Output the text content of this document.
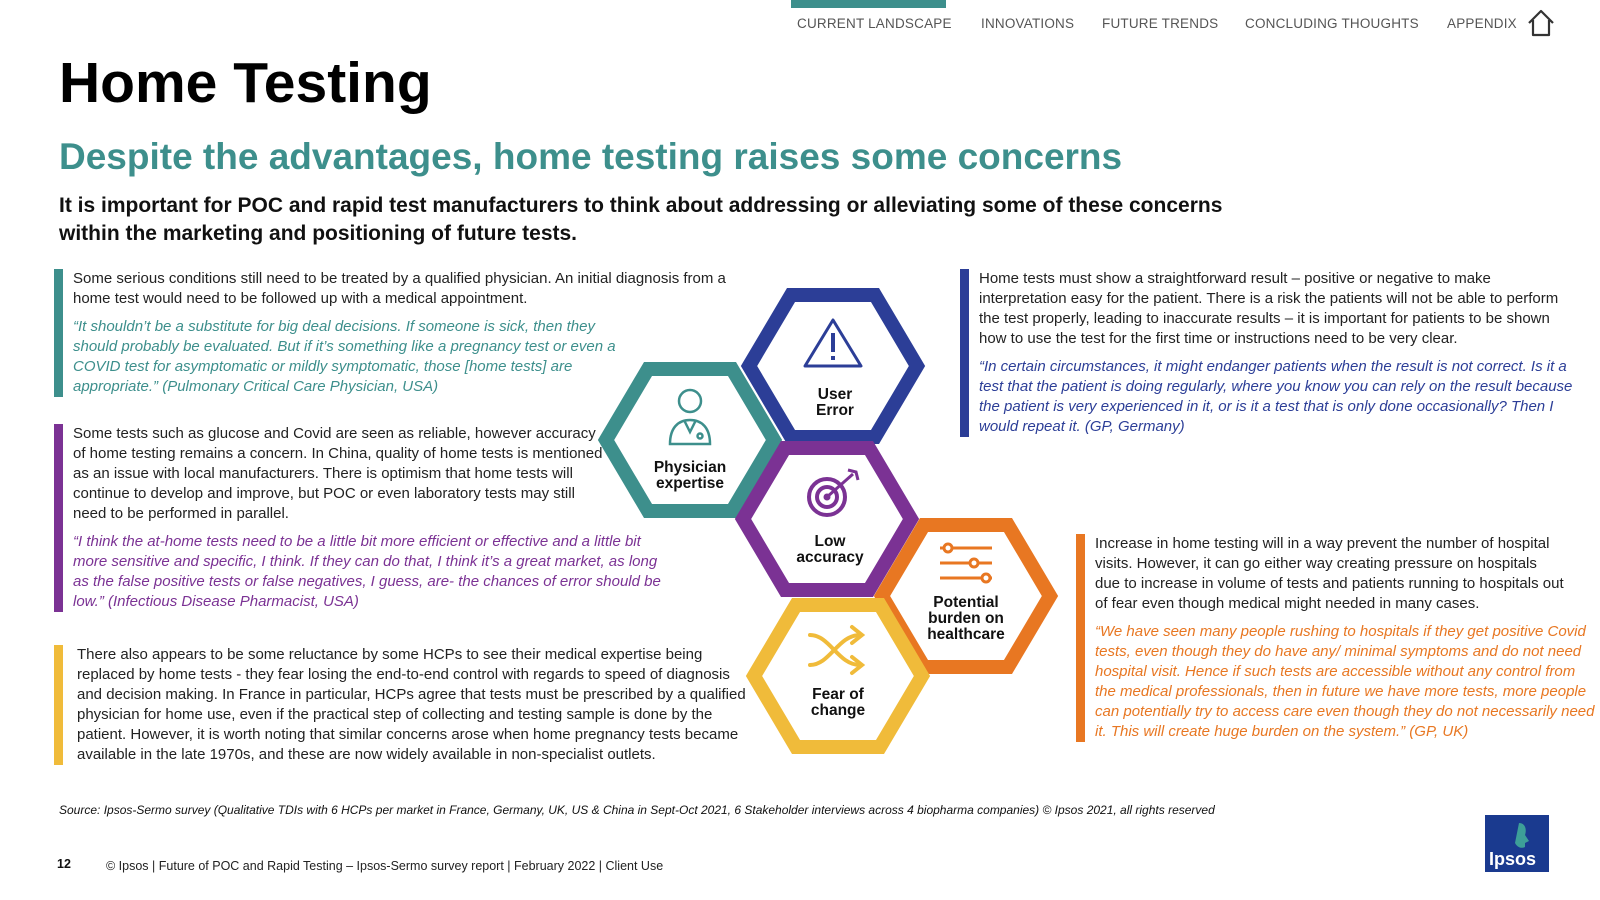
CURRENT LANDSCAPE INNOVATIONS FUTURE TRENDS CONCLUDING THOUGHTS APPENDIX
Home Testing
Despite the advantages, home testing raises some concerns

It is important for POC and rapid test manufacturers to think about addressing or alleviating some of these concerns within the marketing and positioning of future tests.

Some serious conditions still need to be treated by a qualified physician. An initial diagnosis from a home test would need to be followed up with a medical appointment.

“It shouldn’t be a substitute for big deal decisions. If someone is sick, then they should probably be evaluated. But if it’s something like a pregnancy test or even a COVID test for asymptomatic or mildly symptomatic, those [home tests] are appropriate.” (Pulmonary Critical Care Physician, USA)

Some tests such as glucose and Covid are seen as reliable, however accuracy of home testing remains a concern. In China, quality of home tests is mentioned as an issue with local manufacturers. There is optimism that home tests will continue to develop and improve, but POC or even laboratory tests may still need to be performed in parallel.

“I think the at-home tests need to be a little bit more efficient or effective and a little bit more sensitive and specific, I think. If they can do that, I think it’s a great market, as long as the false positive tests or false negatives, I guess, are- the chances of error should be low.” (Infectious Disease Pharmacist, USA)

There also appears to be some reluctance by some HCPs to see their medical expertise being replaced by home tests - they fear losing the end-to-end control with regards to speed of diagnosis and decision making. In France in particular, HCPs agree that tests must be prescribed by a qualified physician for home use, even if the practical step of collecting and testing sample is done by the patient. However, it is worth noting that similar concerns arose when home pregnancy tests became available in the late 1970s, and these are now widely available in non-specialist outlets.

Home tests must show a straightforward result – positive or negative to make interpretation easy for the patient. There is a risk the patients will not be able to perform the test properly, leading to inaccurate results – it is important for patients to be shown how to use the test for the first time or instructions need to be very clear.

“In certain circumstances, it might endanger patients when the result is not correct. Is it a test that the patient is doing regularly, where you know you can rely on the result because the patient is very experienced in it, or is it a test that is only done occasionally? Then I would repeat it. (GP, Germany)

Increase in home testing will in a way prevent the number of hospital visits. However, it can go either way creating pressure on hospitals due to increase in volume of tests and patients running to hospitals out of fear even though medical might needed in many cases.

“We have seen many people rushing to hospitals if they get positive Covid tests, even though they do have any/ minimal symptoms and do not need hospital visit. Hence if such tests are accessible without any control from the medical professionals, then in future we have more tests, more people can potentially try to access care even though they do not necessarily need it. This will create huge burden on the system.” (GP, UK)

Physician
expertise
User
Error
Low
accuracy
Potential
burden on
healthcare
Fear of
change
Source: Ipsos-Sermo survey (Qualitative TDIs with 6 HCPs per market in France, Germany, UK, US & China in Sept-Oct 2021, 6 Stakeholder interviews across 4 biopharma companies) © Ipsos 2021, all rights reserved
12	© Ipsos | Future of POC and Rapid Testing – Ipsos-Sermo survey report | February 2022 | Client Use	Ipsos
